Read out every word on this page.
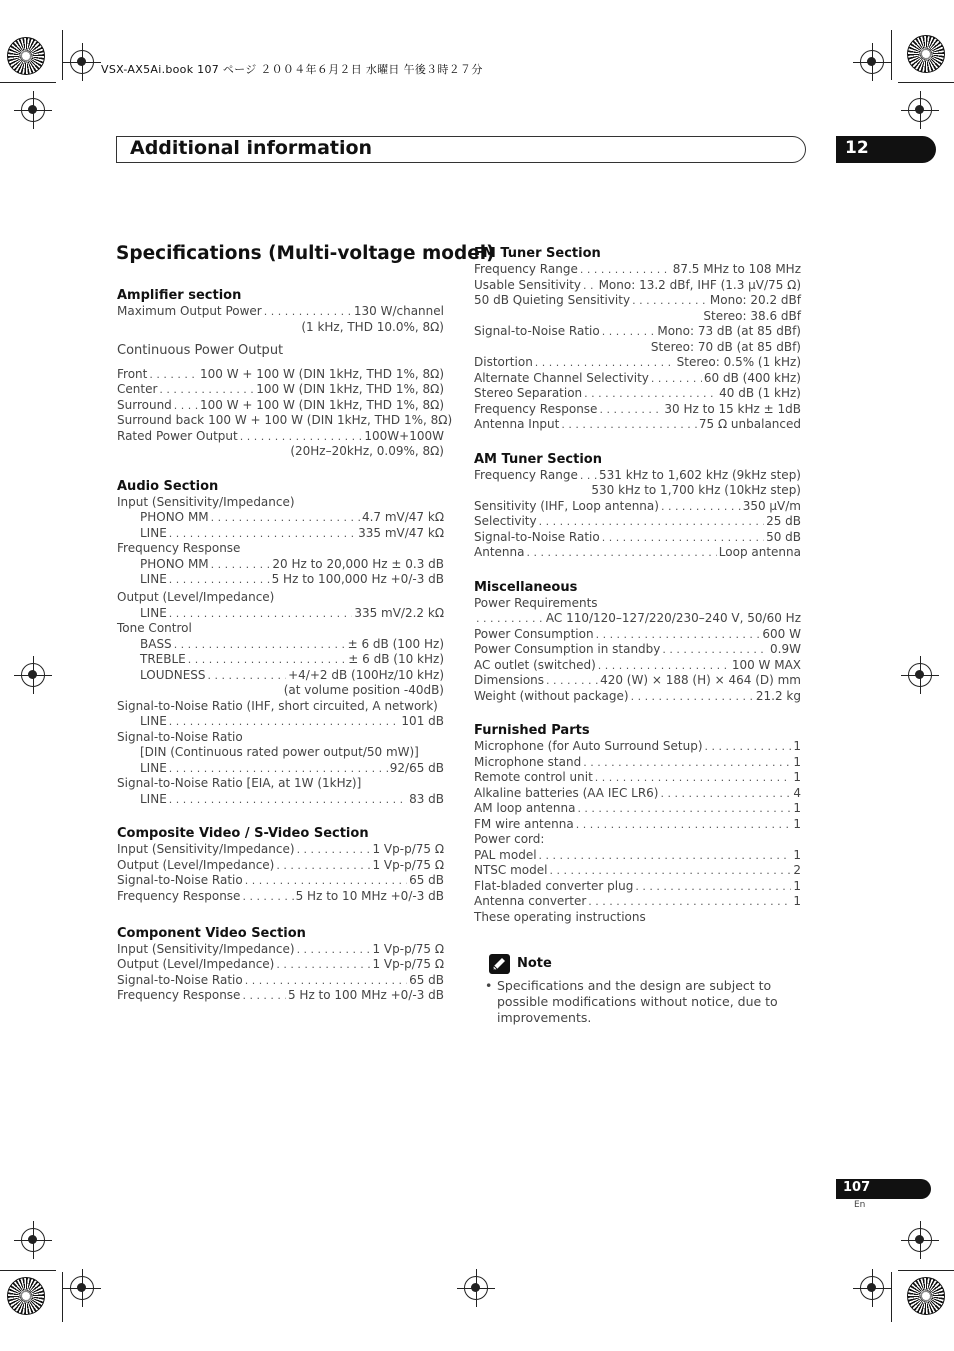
VSX-AX5Ai.book 107 ページ ２００４年６月２日 水曜日 午後３時２７分
Additional information	12
Specifications (Multi-voltage model)
Amplifier section
Maximum Output Power . . .	130 W/channel
(1 kHz, THD 10.0%, 8Ω)
Continuous Power Output
Front . . .	100 W + 100 W (DIN 1kHz, THD 1%, 8Ω)
Center . . .	100 W (DIN 1kHz, THD 1%, 8Ω)
Surround . . . 100 W + 100 W (DIN 1kHz, THD 1%, 8Ω)
Surround back 100 W + 100 W (DIN 1kHz, THD 1%, 8Ω)
Rated Power Output . . .	100W+100W
(20Hz–20kHz, 0.09%, 8Ω)
Audio Section
Input (Sensitivity/Impedance)
PHONO MM . . .	4.7 mV/47 kΩ
LINE . . .	335 mV/47 kΩ
Frequency Response
PHONO MM . . .	20 Hz to 20,000 Hz ± 0.3 dB
LINE . . .	5 Hz to 100,000 Hz +0/-3 dB
Output (Level/Impedance)
LINE . . .	335 mV/2.2 kΩ
Tone Control
BASS . . .	± 6 dB (100 Hz)
TREBLE . . .	± 6 dB (10 kHz)
LOUDNESS . . .	+4/+2 dB (100Hz/10 kHz)
(at volume position -40dB)
Signal-to-Noise Ratio (IHF, short circuited, A network)
LINE . . .	101 dB
Signal-to-Noise Ratio
[DIN (Continuous rated power output/50 mW)]
LINE . . .	92/65 dB
Signal-to-Noise Ratio [EIA, at 1W (1kHz)]
LINE . . .	83 dB
Composite Video / S-Video Section
Input (Sensitivity/Impedance) . . .	1 Vp-p/75 Ω
Output (Level/Impedance) . . .	1 Vp-p/75 Ω
Signal-to-Noise Ratio . . .	65 dB
Frequency Response . . .	5 Hz to 10 MHz +0/-3 dB
Component Video Section
Input (Sensitivity/Impedance) . . .	1 Vp-p/75 Ω
Output (Level/Impedance) . . .	1 Vp-p/75 Ω
Signal-to-Noise Ratio . . .	65 dB
Frequency Response . . .	5 Hz to 100 MHz +0/-3 dB
FM Tuner Section
Frequency Range . . .	87.5 MHz to 108 MHz
Usable Sensitivity . . . Mono: 13.2 dBf, IHF (1.3 µV/75 Ω)
50 dB Quieting Sensitivity . . .	Mono: 20.2 dBf
Stereo: 38.6 dBf
Signal-to-Noise Ratio . . .	Mono: 73 dB (at 85 dBf)
Stereo: 70 dB (at 85 dBf)
Distortion . . .	Stereo: 0.5% (1 kHz)
Alternate Channel Selectivity . . .	60 dB (400 kHz)
Stereo Separation . . .	40 dB (1 kHz)
Frequency Response . . .	30 Hz to 15 kHz ± 1dB
Antenna Input . . .	75 Ω unbalanced
AM Tuner Section
Frequency Range . . . 531 kHz to 1,602 kHz (9kHz step)
530 kHz to 1,700 kHz (10kHz step)
Sensitivity (IHF, Loop antenna) . . .	350 µV/m
Selectivity . . .	25 dB
Signal-to-Noise Ratio . . .	50 dB
Antenna . . .	Loop antenna
Miscellaneous
Power Requirements
. . .
AC 110/120–127/220/230–240 V, 50/60 Hz
Power Consumption . . .	600 W
Power Consumption in standby . . .	0.9W
AC outlet (switched) . . .	100 W MAX
Dimensions . . .	420 (W) × 188 (H) × 464 (D) mm
Weight (without package) . . .	21.2 kg
Furnished Parts
Microphone (for Auto Surround Setup) . . .	1
Microphone stand . . .	1
Remote control unit . . .	1
Alkaline batteries (AA IEC LR6) . . .	4
AM loop antenna . . .	1
FM wire antenna . . .	1
Power cord:
PAL model . . .	1
NTSC model . . .	2
Flat-bladed converter plug . . .	1
Antenna converter . . .	1
These operating instructions
Note
• Specifications and the design are subject to possible modifications without notice, due to improvements.
107
En
